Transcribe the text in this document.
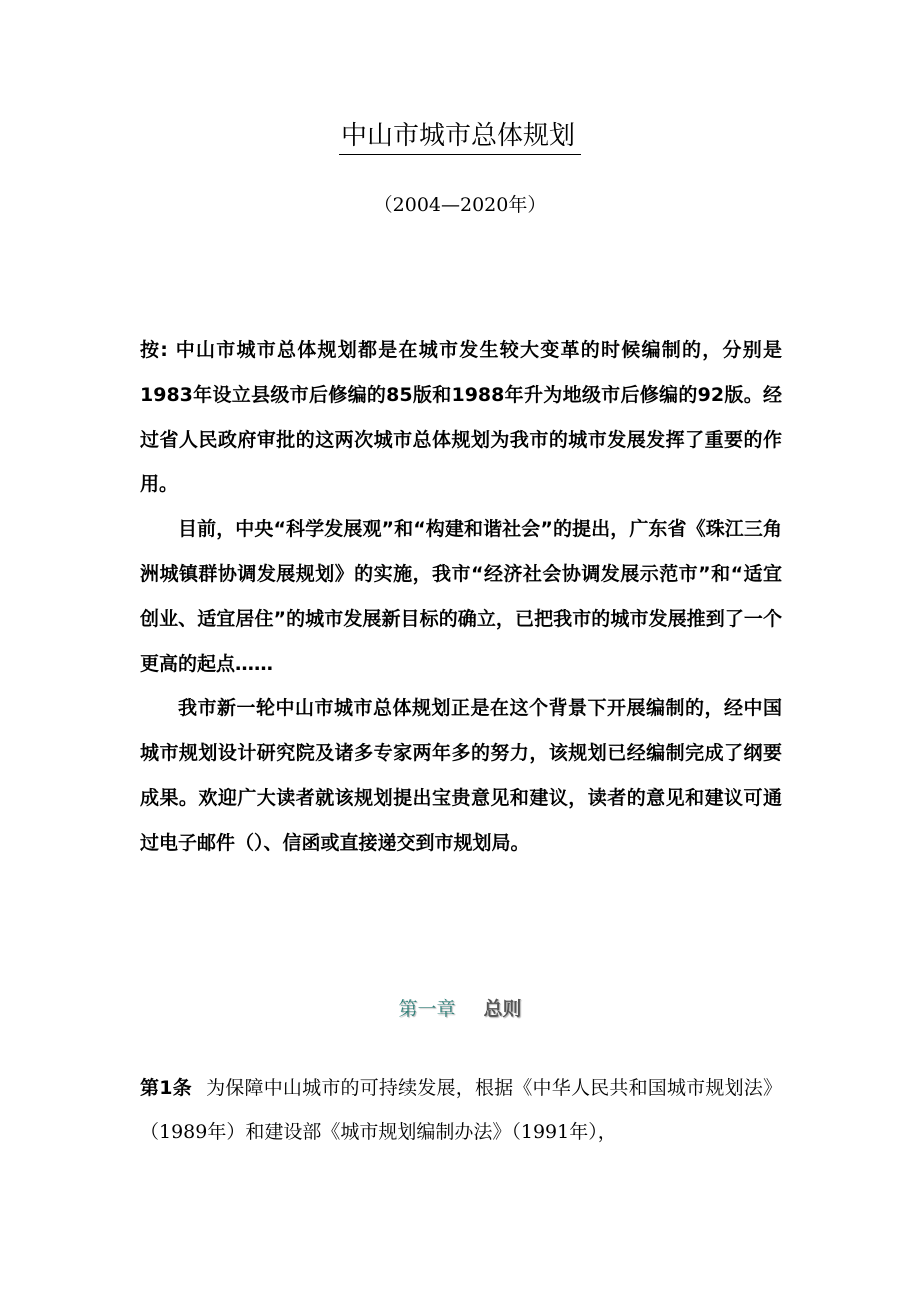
中山市城市总体规划
（2004—2020年）

按: 中山市城市总体规划都是在城市发生较大变革的时候编制的，分别是1983年设立县级市后修编的85版和1988年升为地级市后修编的92版。经过省人民政府审批的这两次城市总体规划为我市的城市发展发挥了重要的作用。

目前，中央“科学发展观”和“构建和谐社会”的提出，广东省《珠江三角洲城镇群协调发展规划》的实施，我市“经济社会协调发展示范市”和“适宜创业、适宜居住”的城市发展新目标的确立，已把我市的城市发展推到了一个更高的起点……

我市新一轮中山市城市总体规划正是在这个背景下开展编制的，经中国城市规划设计研究院及诸多专家两年多的努力，该规划已经编制完成了纲要成果。欢迎广大读者就该规划提出宝贵意见和建议，读者的意见和建议可通过电子邮件（）、信函或直接递交到市规划局。

第一章 总则

第1条 为保障中山城市的可持续发展，根据《中华人民共和国城市规划法》（1989年）和建设部《城市规划编制办法》（1991年），
